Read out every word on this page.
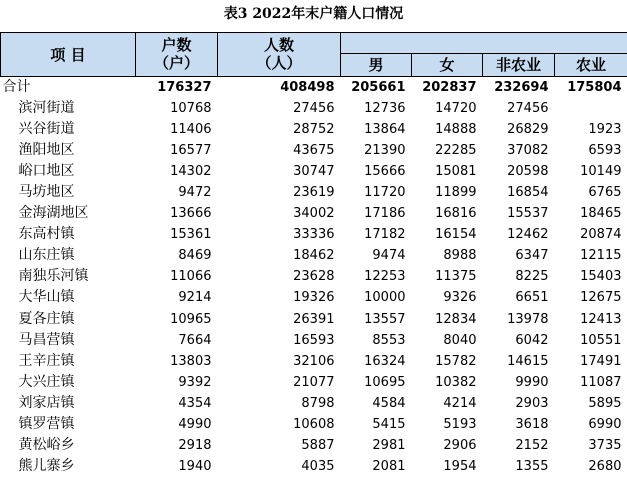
表3 2022年末户籍人口情况
项 目	户数	人数				
	（户）	（人）	男	女	非农业	农业
合计	176327	408498	205661	202837	232694	175804
滨河街道	10768	27456	12736	14720	27456	
兴谷街道	11406	28752	13864	14888	26829	1923
渔阳地区	16577	43675	21390	22285	37082	6593
峪口地区	14302	30747	15666	15081	20598	10149
马坊地区	9472	23619	11720	11899	16854	6765
金海湖地区	13666	34002	17186	16816	15537	18465
东高村镇	15361	33336	17182	16154	12462	20874
山东庄镇	8469	18462	9474	8988	6347	12115
南独乐河镇	11066	23628	12253	11375	8225	15403
大华山镇	9214	19326	10000	9326	6651	12675
夏各庄镇	10965	26391	13557	12834	13978	12413
马昌营镇	7664	16593	8553	8040	6042	10551
王辛庄镇	13803	32106	16324	15782	14615	17491
大兴庄镇	9392	21077	10695	10382	9990	11087
刘家店镇	4354	8798	4584	4214	2903	5895
镇罗营镇	4990	10608	5415	5193	3618	6990
黄松峪乡	2918	5887	2981	2906	2152	3735
熊儿寨乡	1940	4035	2081	1954	1355	2680
